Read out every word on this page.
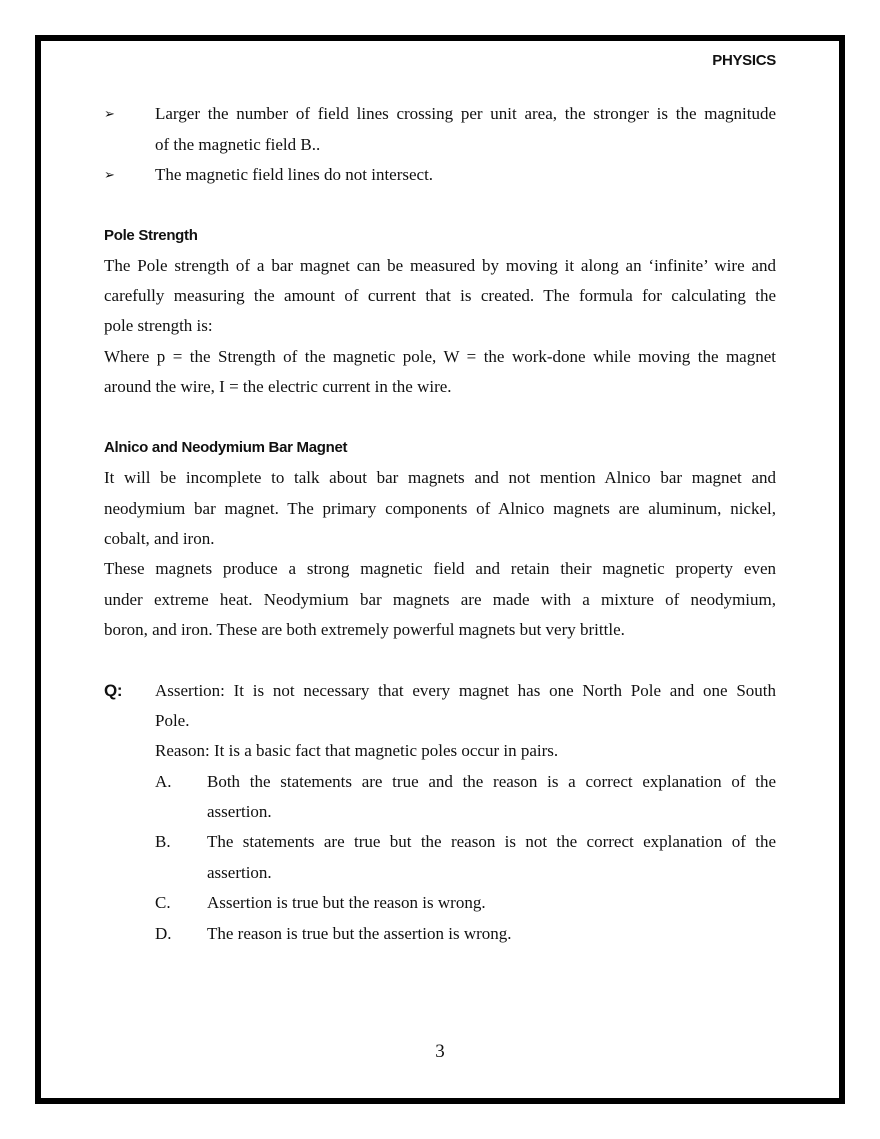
PHYSICS
➢ Larger the number of field lines crossing per unit area, the stronger is the magnitude
of the magnetic field B..
➢ The magnetic field lines do not intersect.
Pole Strength
The Pole strength of a bar magnet can be measured by moving it along an ‘infinite’ wire and
carefully measuring the amount of current that is created. The formula for calculating the
pole strength is:
Where p = the Strength of the magnetic pole, W = the work-done while moving the magnet
around the wire, I = the electric current in the wire.
Alnico and Neodymium Bar Magnet
It will be incomplete to talk about bar magnets and not mention Alnico bar magnet and
neodymium bar magnet. The primary components of Alnico magnets are aluminum, nickel,
cobalt, and iron.
These magnets produce a strong magnetic field and retain their magnetic property even
under extreme heat. Neodymium bar magnets are made with a mixture of neodymium,
boron, and iron. These are both extremely powerful magnets but very brittle.
Q: Assertion: It is not necessary that every magnet has one North Pole and one South
Pole.
Reason: It is a basic fact that magnetic poles occur in pairs.
A. Both the statements are true and the reason is a correct explanation of the
assertion.
B. The statements are true but the reason is not the correct explanation of the
assertion.
C. Assertion is true but the reason is wrong.
D. The reason is true but the assertion is wrong.
3
